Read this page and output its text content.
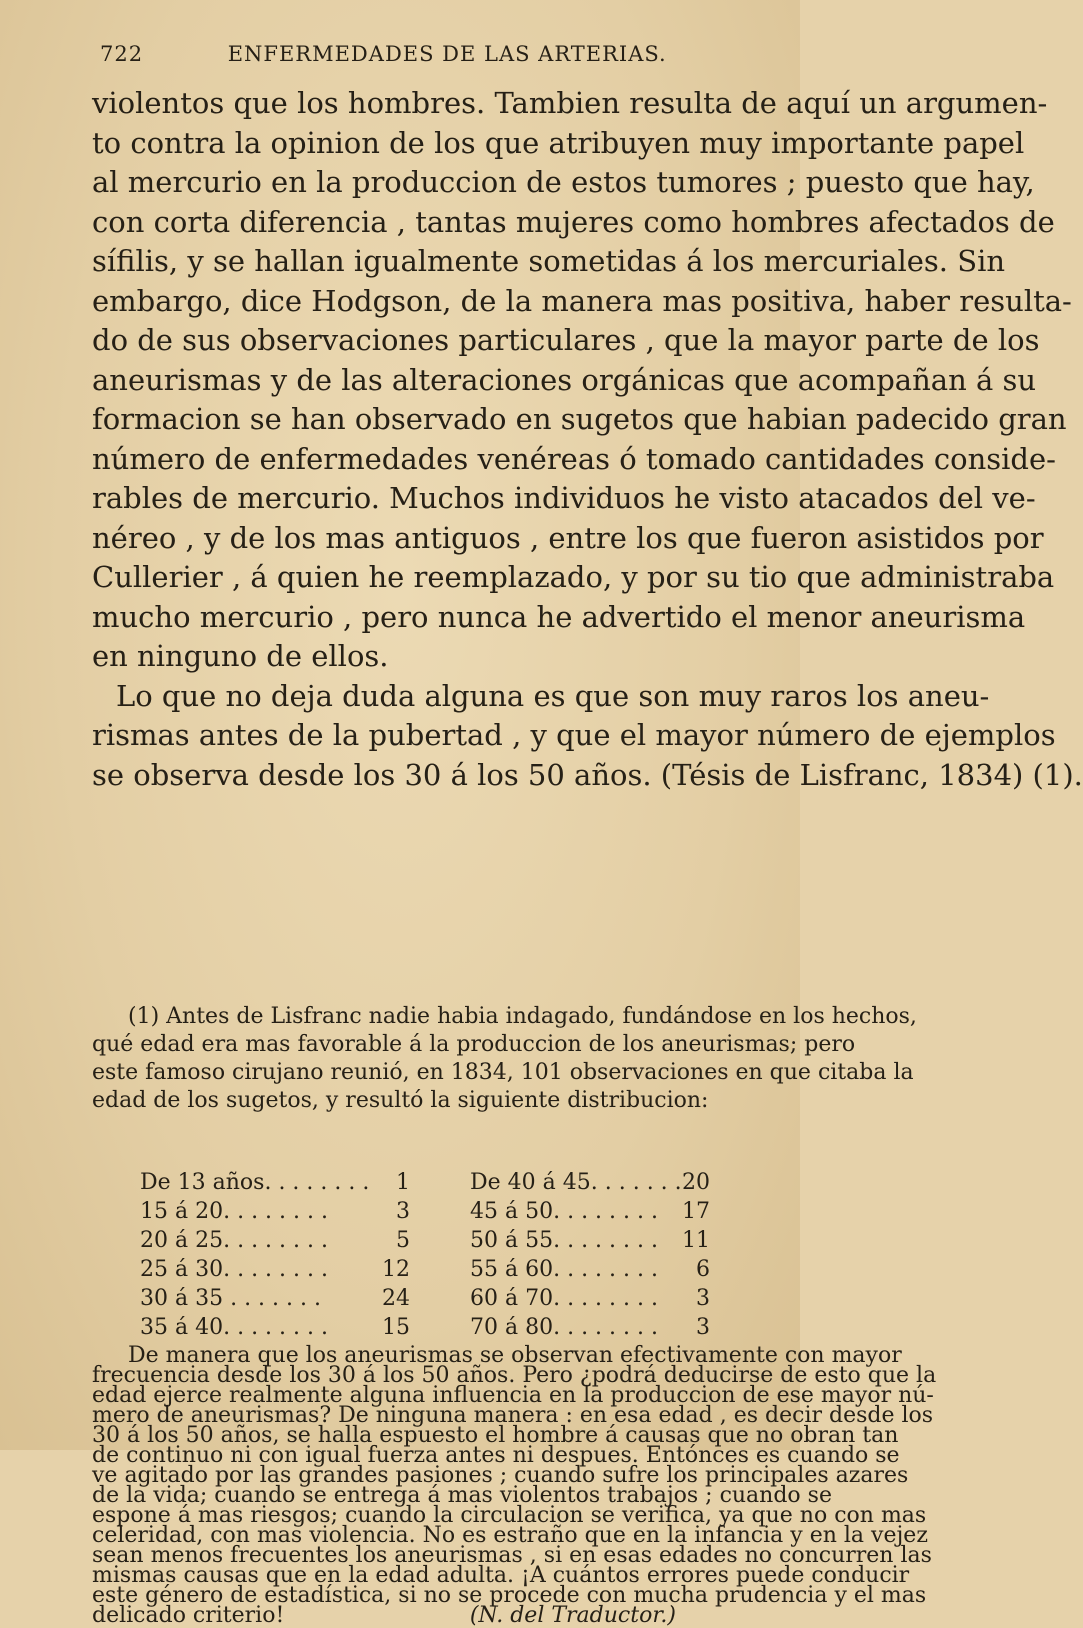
722	ENFERMEDADES DE LAS ARTERIAS.

violentos que los hombres. Tambien resulta de aquí un argumen-

to contra la opinion de los que atribuyen muy importante papel

al mercurio en la produccion de estos tumores ; puesto que hay,

con corta diferencia , tantas mujeres como hombres afectados de

sífilis, y se hallan igualmente sometidas á los mercuriales. Sin

embargo, dice Hodgson, de la manera mas positiva, haber resulta-

do de sus observaciones particulares , que la mayor parte de los

aneurismas y de las alteraciones orgánicas que acompañan á su

formacion se han observado en sugetos que habian padecido gran

número de enfermedades venéreas ó tomado cantidades conside-

rables de mercurio. Muchos individuos he visto atacados del ve-

néreo , y de los mas antiguos , entre los que fueron asistidos por

Cullerier , á quien he reemplazado, y por su tio que administraba

mucho mercurio , pero nunca he advertido el menor aneurisma

en ninguno de ellos.

Lo que no deja duda alguna es que son muy raros los aneu-

rismas antes de la pubertad , y que el mayor número de ejemplos

se observa desde los 30 á los 50 años. (Tésis de Lisfranc, 1834) (1).

(1) Antes de Lisfranc nadie habia indagado, fundándose en los hechos,

qué edad era mas favorable á la produccion de los aneurismas; pero

este famoso cirujano reunió, en 1834, 101 observaciones en que citaba la

edad de los sugetos, y resultó la siguiente distribucion:

De 13 años. . . . . . . .	1	De 40 á 45. . . . . . . 20
15 á 20. . . . . . . .	3	45 á 50. . . . . . . .	17
20 á 25. . . . . . . .	5	50 á 55. . . . . . . .	11
25 á 30. . . . . . . .	12	55 á 60. . . . . . . .	6
30 á 35 . . . . . . .	24	60 á 70. . . . . . . .	3
35 á 40. . . . . . . .	15	70 á 80. . . . . . . .	3

De manera que los aneurismas se observan efectivamente con mayor

frecuencia desde los 30 á los 50 años. Pero ¿podrá deducirse de esto que la

edad ejerce realmente alguna influencia en la produccion de ese mayor nú-

mero de aneurismas? De ninguna manera : en esa edad , es decir desde los

30 á los 50 años, se halla espuesto el hombre á causas que no obran tan

de continuo ni con igual fuerza antes ni despues. Entónces es cuando se

ve agitado por las grandes pasiones ; cuando sufre los principales azares

de la vida; cuando se entrega á mas violentos trabajos ; cuando se

espone á mas riesgos; cuando la circulacion se verifica, ya que no con mas

celeridad, con mas violencia. No es estraño que en la infancia y en la vejez

sean menos frecuentes los aneurismas , si en esas edades no concurren las

mismas causas que en la edad adulta. ¡A cuántos errores puede conducir

este género de estadística, si no se procede con mucha prudencia y el mas

delicado criterio!	(N. del Traductor.)
